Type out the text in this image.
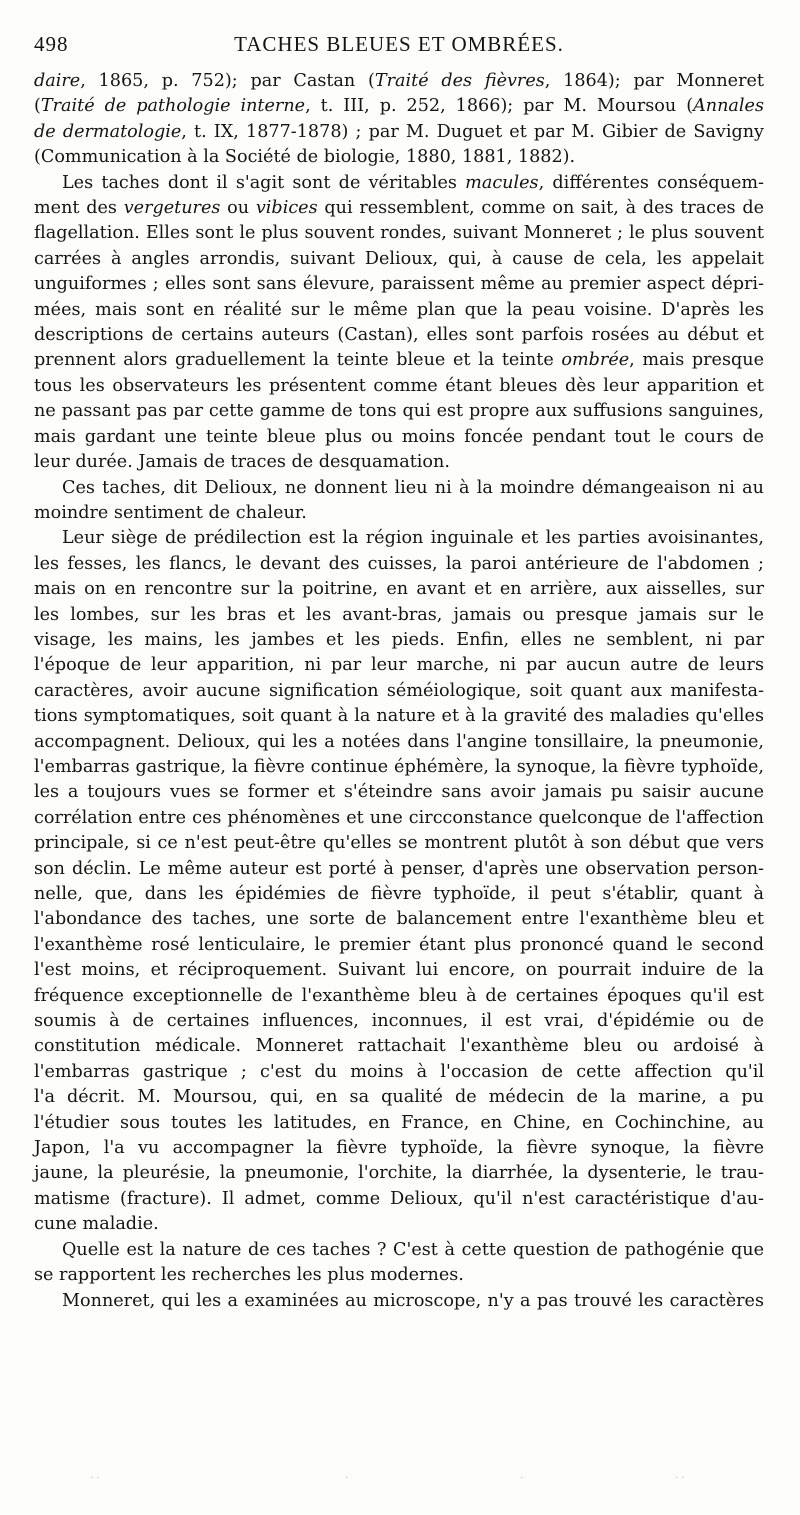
498	TACHES BLEUES ET OMBRÉES.
daire, 1865, p. 752); par Castan (Traité des fièvres, 1864); par Monneret
(Traité de pathologie interne, t. III, p. 252, 1866); par M. Moursou (Annales
de dermatologie, t. IX, 1877-1878) ; par M. Duguet et par M. Gibier de Savigny
(Communication à la Société de biologie, 1880, 1881, 1882).
Les taches dont il s'agit sont de véritables macules, différentes conséquem-
ment des vergetures ou vibices qui ressemblent, comme on sait, à des traces de
flagellation. Elles sont le plus souvent rondes, suivant Monneret ; le plus souvent
carrées à angles arrondis, suivant Delioux, qui, à cause de cela, les appelait
unguiformes ; elles sont sans élevure, paraissent même au premier aspect dépri-
mées, mais sont en réalité sur le même plan que la peau voisine. D'après les
descriptions de certains auteurs (Castan), elles sont parfois rosées au début et
prennent alors graduellement la teinte bleue et la teinte ombrée, mais presque
tous les observateurs les présentent comme étant bleues dès leur apparition et
ne passant pas par cette gamme de tons qui est propre aux suffusions sanguines,
mais gardant une teinte bleue plus ou moins foncée pendant tout le cours de
leur durée. Jamais de traces de desquamation.
Ces taches, dit Delioux, ne donnent lieu ni à la moindre démangeaison ni au
moindre sentiment de chaleur.
Leur siège de prédilection est la région inguinale et les parties avoisinantes,
les fesses, les flancs, le devant des cuisses, la paroi antérieure de l'abdomen ;
mais on en rencontre sur la poitrine, en avant et en arrière, aux aisselles, sur
les lombes, sur les bras et les avant-bras, jamais ou presque jamais sur le
visage, les mains, les jambes et les pieds. Enfin, elles ne semblent, ni par
l'époque de leur apparition, ni par leur marche, ni par aucun autre de leurs
caractères, avoir aucune signification séméiologique, soit quant aux manifesta-
tions symptomatiques, soit quant à la nature et à la gravité des maladies qu'elles
accompagnent. Delioux, qui les a notées dans l'angine tonsillaire, la pneumonie,
l'embarras gastrique, la fièvre continue éphémère, la synoque, la fièvre typhoïde,
les a toujours vues se former et s'éteindre sans avoir jamais pu saisir aucune
corrélation entre ces phénomènes et une circconstance quelconque de l'affection
principale, si ce n'est peut-être qu'elles se montrent plutôt à son début que vers
son déclin. Le même auteur est porté à penser, d'après une observation person-
nelle, que, dans les épidémies de fièvre typhoïde, il peut s'établir, quant à
l'abondance des taches, une sorte de balancement entre l'exanthème bleu et
l'exanthème rosé lenticulaire, le premier étant plus prononcé quand le second
l'est moins, et réciproquement. Suivant lui encore, on pourrait induire de la
fréquence exceptionnelle de l'exanthème bleu à de certaines époques qu'il est
soumis à de certaines influences, inconnues, il est vrai, d'épidémie ou de
constitution médicale. Monneret rattachait l'exanthème bleu ou ardoisé à
l'embarras gastrique ; c'est du moins à l'occasion de cette affection qu'il
l'a décrit. M. Moursou, qui, en sa qualité de médecin de la marine, a pu
l'étudier sous toutes les latitudes, en France, en Chine, en Cochinchine, au
Japon, l'a vu accompagner la fièvre typhoïde, la fièvre synoque, la fièvre
jaune, la pleurésie, la pneumonie, l'orchite, la diarrhée, la dysenterie, le trau-
matisme (fracture). Il admet, comme Delioux, qu'il n'est caractéristique d'au-
cune maladie.
Quelle est la nature de ces taches ? C'est à cette question de pathogénie que
se rapportent les recherches les plus modernes.
Monneret, qui les a examinées au microscope, n'y a pas trouvé les caractères
· ·	·	·	· ·
